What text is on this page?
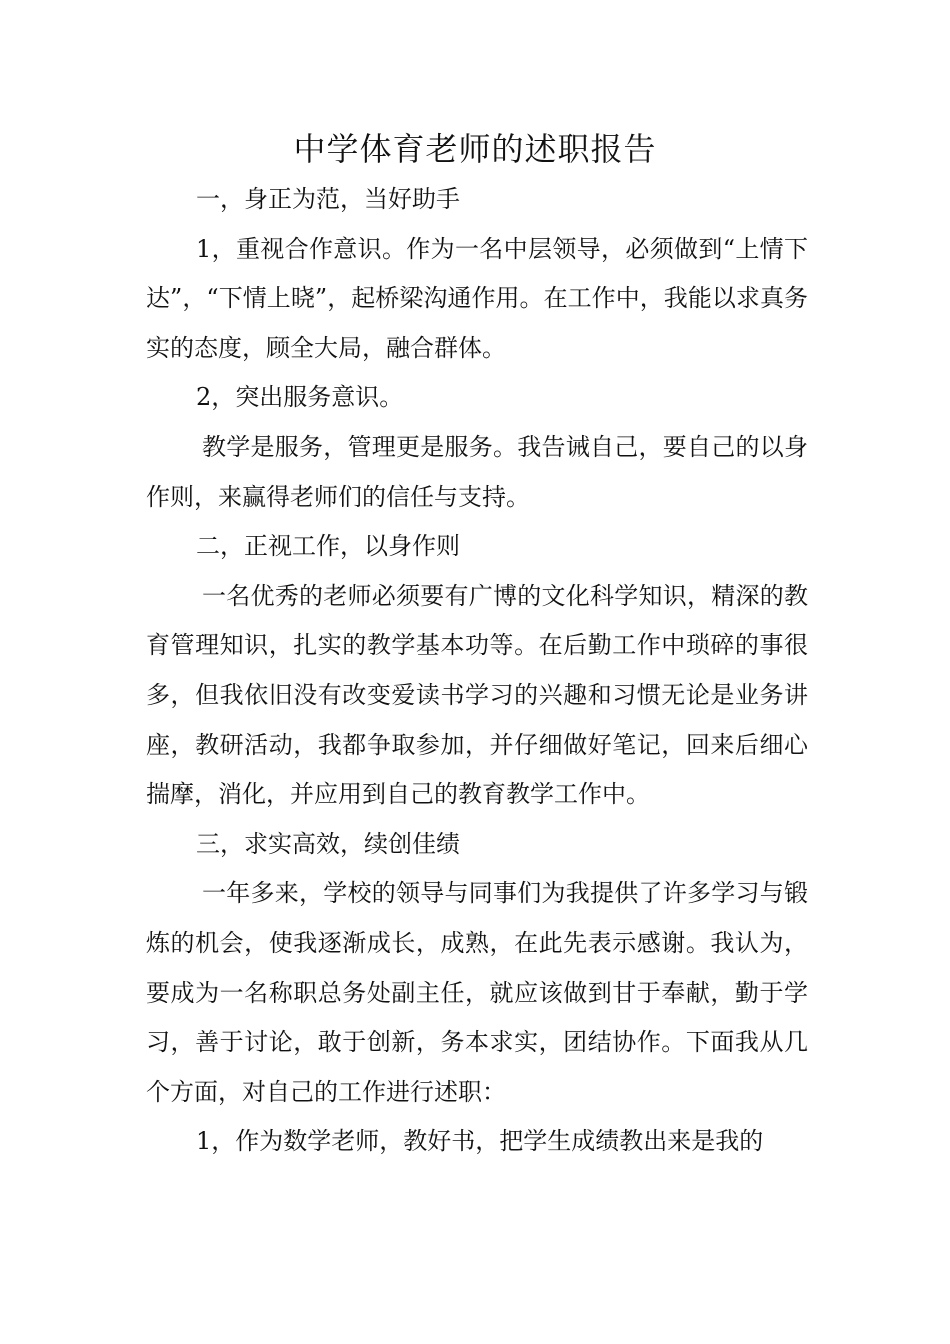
中学体育老师的述职报告

一，身正为范，当好助手

1，重视合作意识。作为一名中层领导，必须做到“上情下达”，“下情上晓”，起桥梁沟通作用。在工作中，我能以求真务实的态度，顾全大局，融合群体。

2，突出服务意识。

教学是服务，管理更是服务。我告诫自己，要自己的以身作则，来赢得老师们的信任与支持。

二，正视工作，以身作则

一名优秀的老师必须要有广博的文化科学知识，精深的教育管理知识，扎实的教学基本功等。在后勤工作中琐碎的事很多，但我依旧没有改变爱读书学习的兴趣和习惯无论是业务讲座，教研活动，我都争取参加，并仔细做好笔记，回来后细心揣摩，消化，并应用到自己的教育教学工作中。

三，求实高效，续创佳绩

一年多来，学校的领导与同事们为我提供了许多学习与锻炼的机会，使我逐渐成长，成熟，在此先表示感谢。我认为，要成为一名称职总务处副主任，就应该做到甘于奉献，勤于学习，善于讨论，敢于创新，务本求实，团结协作。下面我从几个方面，对自己的工作进行述职：

1，作为数学老师，教好书，把学生成绩教出来是我的
